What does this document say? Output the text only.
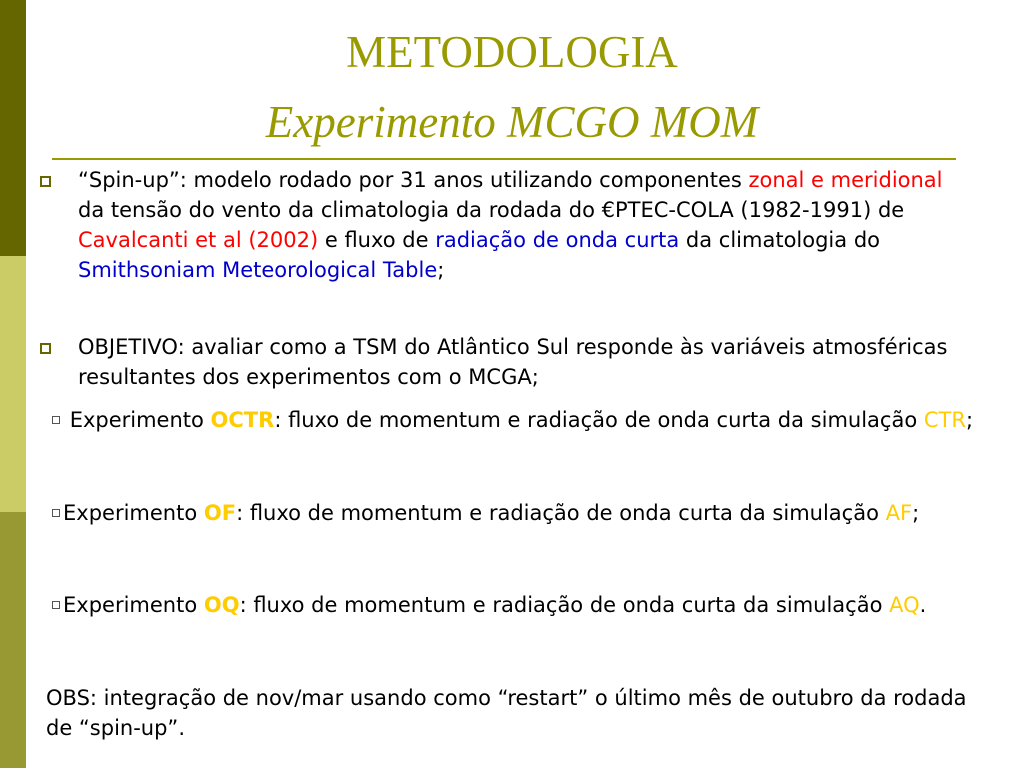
METODOLOGIA
Experimento MCGO MOM
“Spin-up”: modelo rodado por 31 anos utilizando componentes zonal e meridional da tensão do vento da climatologia da rodada do €PTEC-COLA (1982-1991) de Cavalcanti et al (2002) e fluxo de radiação de onda curta da climatologia do Smithsoniam Meteorological Table;
OBJETIVO: avaliar como a TSM do Atlântico Sul responde às variáveis atmosféricas resultantes dos experimentos com o MCGA;
Experimento OCTR: fluxo de momentum e radiação de onda curta da simulação CTR;
Experimento OF: fluxo de momentum e radiação de onda curta da simulação AF;
Experimento OQ: fluxo de momentum e radiação de onda curta da simulação AQ.
OBS: integração de nov/mar usando como “restart” o último mês de outubro da rodada de “spin-up”.
